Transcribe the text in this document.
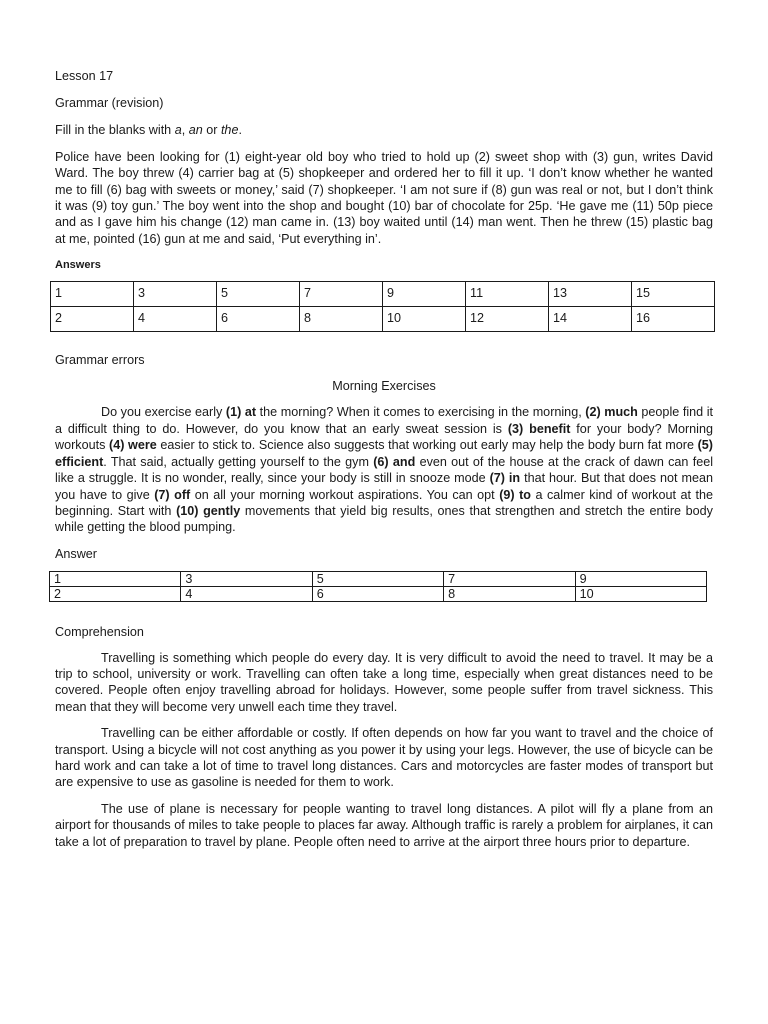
Lesson 17

Grammar (revision)

Fill in the blanks with a, an or the.

Police have been looking for (1) eight-year old boy who tried to hold up (2) sweet shop with (3) gun, writes David Ward. The boy threw (4) carrier bag at (5) shopkeeper and ordered her to fill it up. ‘I don’t know whether he wanted me to fill (6) bag with sweets or money,’ said (7) shopkeeper. ‘I am not sure if (8) gun was real or not, but I don’t think it was (9) toy gun.’ The boy went into the shop and bought (10) bar of chocolate for 25p. ‘He gave me (11) 50p piece and as I gave him his change (12) man came in. (13) boy waited until (14) man went. Then he threw (15) plastic bag at me, pointed (16) gun at me and said, ‘Put everything in’.

Answers

1	3	5	7	9	11	13	15
2	4	6	8	10	12	14	16

Grammar errors

Morning Exercises

Do you exercise early (1) at the morning? When it comes to exercising in the morning, (2) much people find it a difficult thing to do. However, do you know that an early sweat session is (3) benefit for your body? Morning workouts (4) were easier to stick to. Science also suggests that working out early may help the body burn fat more (5) efficient. That said, actually getting yourself to the gym (6) and even out of the house at the crack of dawn can feel like a struggle. It is no wonder, really, since your body is still in snooze mode (7) in that hour. But that does not mean you have to give (7) off on all your morning workout aspirations. You can opt (9) to a calmer kind of workout at the beginning. Start with (10) gently movements that yield big results, ones that strengthen and stretch the entire body while getting the blood pumping.

Answer

1	3	5	7	9
2	4	6	8	10

Comprehension

Travelling is something which people do every day. It is very difficult to avoid the need to travel. It may be a trip to school, university or work. Travelling can often take a long time, especially when great distances need to be covered. People often enjoy travelling abroad for holidays. However, some people suffer from travel sickness. This mean that they will become very unwell each time they travel.

Travelling can be either affordable or costly. If often depends on how far you want to travel and the choice of transport. Using a bicycle will not cost anything as you power it by using your legs. However, the use of bicycle can be hard work and can take a lot of time to travel long distances. Cars and motorcycles are faster modes of transport but are expensive to use as gasoline is needed for them to work.

The use of plane is necessary for people wanting to travel long distances. A pilot will fly a plane from an airport for thousands of miles to take people to places far away. Although traffic is rarely a problem for airplanes, it can take a lot of preparation to travel by plane. People often need to arrive at the airport three hours prior to departure.
